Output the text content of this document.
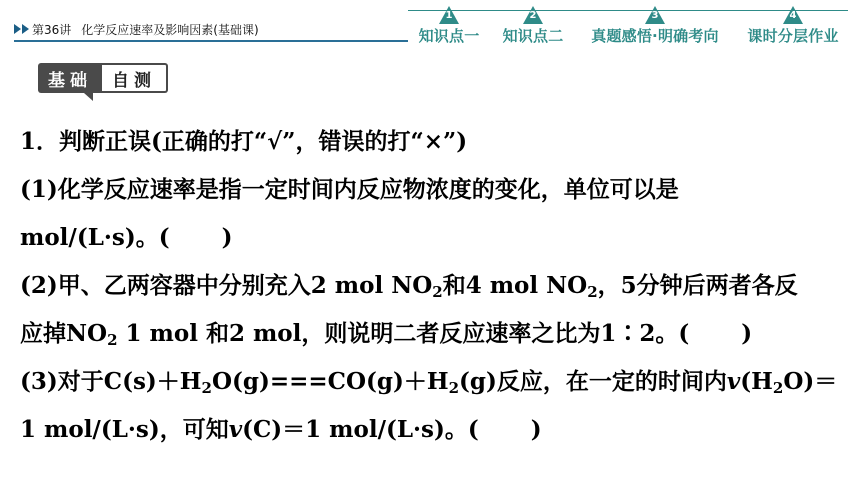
第36讲 化学反应速率及影响因素(基础课)
1
知识点一
2
知识点二
3
真题感悟·明确考向
4
课时分层作业
基础	自测
1．判断正误(正确的打“√”，错误的打“×”)
(1)化学反应速率是指一定时间内反应物浓度的变化，单位可以是
mol/(L·s)。( )
(2)甲、乙两容器中分别充入2 mol $NO_2$和4 mol $NO_2$，5分钟后两者各反
应掉$NO_2$ 1 mol 和2 mol，则说明二者反应速率之比为1∶2。( )
(3)对于$C(s)+H_2O(g)===CO(g)+H_2(g)$反应，在一定的时间内$v(H_2O)=$
1 mol/(L·s)，可知v(C)＝1 mol/(L·s)。( )
